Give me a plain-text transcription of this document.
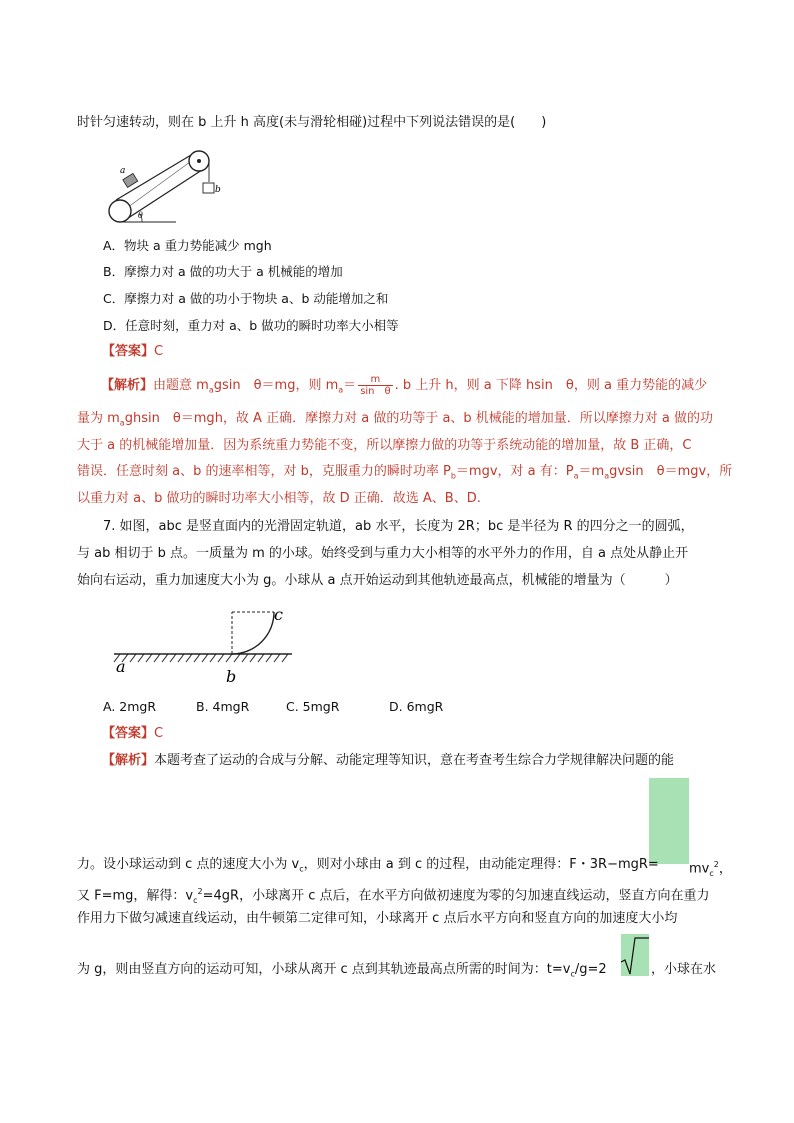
时针匀速转动，则在 b 上升 h 高度(未与滑轮相碰)过程中下列说法错误的是(　　)
a
b
θ
A．物块 a 重力势能减少 mgh
B．摩擦力对 a 做的功大于 a 机械能的增加
C．摩擦力对 a 做的功小于物块 a、b 动能增加之和
D．任意时刻，重力对 a、b 做功的瞬时功率大小相等
【答案】C
【解析】由题意 $m_agsin$　θ＝mg，则 $m_a= \frac{m}{\text{sin　θ}}$ . b 上升 h，则 a 下降 hsin　θ，则 a 重力势能的减少
量为 $m_aghsin$　θ＝mgh，故 A 正确．摩擦力对 a 做的功等于 a、b 机械能的增加量．所以摩擦力对 a 做的功
大于 a 的机械能增加量．因为系统重力势能不变，所以摩擦力做的功等于系统动能的增加量，故 B 正确，C
错误．任意时刻 a、b 的速率相等，对 b，克服重力的瞬时功率 $P_b=mgv$，对 a 有：$P_a=m_agvsin$　θ＝mgv，所
以重力对 a、b 做功的瞬时功率大小相等，故 D 正确．故选 A、B、D.
7. 如图，abc 是竖直面内的光滑固定轨道，ab 水平，长度为 2R；bc 是半径为 R 的四分之一的圆弧，
与 ab 相切于 b 点。一质量为 m 的小球。始终受到与重力大小相等的水平外力的作用，自 a 点处从静止开
始向右运动，重力加速度大小为 g。小球从 a 点开始运动到其他轨迹最高点，机械能的增量为（　　　）
a
b
c
A. 2mgR	B. 4mgR	C. 5mgR	D. 6mgR
【答案】C
【解析】本题考查了运动的合成与分解、动能定理等知识，意在考查考生综合力学规律解决问题的能
力。设小球运动到 c 点的速度大小为 $v_c$，则对小球由 a 到 c 的过程，由动能定理得：F・$3R-mgR= mv_c^2$，
又 F=mg，解得：$v_c^2=4gR$，小球离开 c 点后，在水平方向做初速度为零的匀加速直线运动，竖直方向在重力
作用力下做匀减速直线运动，由牛顿第二定律可知，小球离开 c 点后水平方向和竖直方向的加速度大小均
为 g，则由竖直方向的运动可知，小球从离开 c 点到其轨迹最高点所需的时间为：$t=v_c/g=2$	，小球在水
